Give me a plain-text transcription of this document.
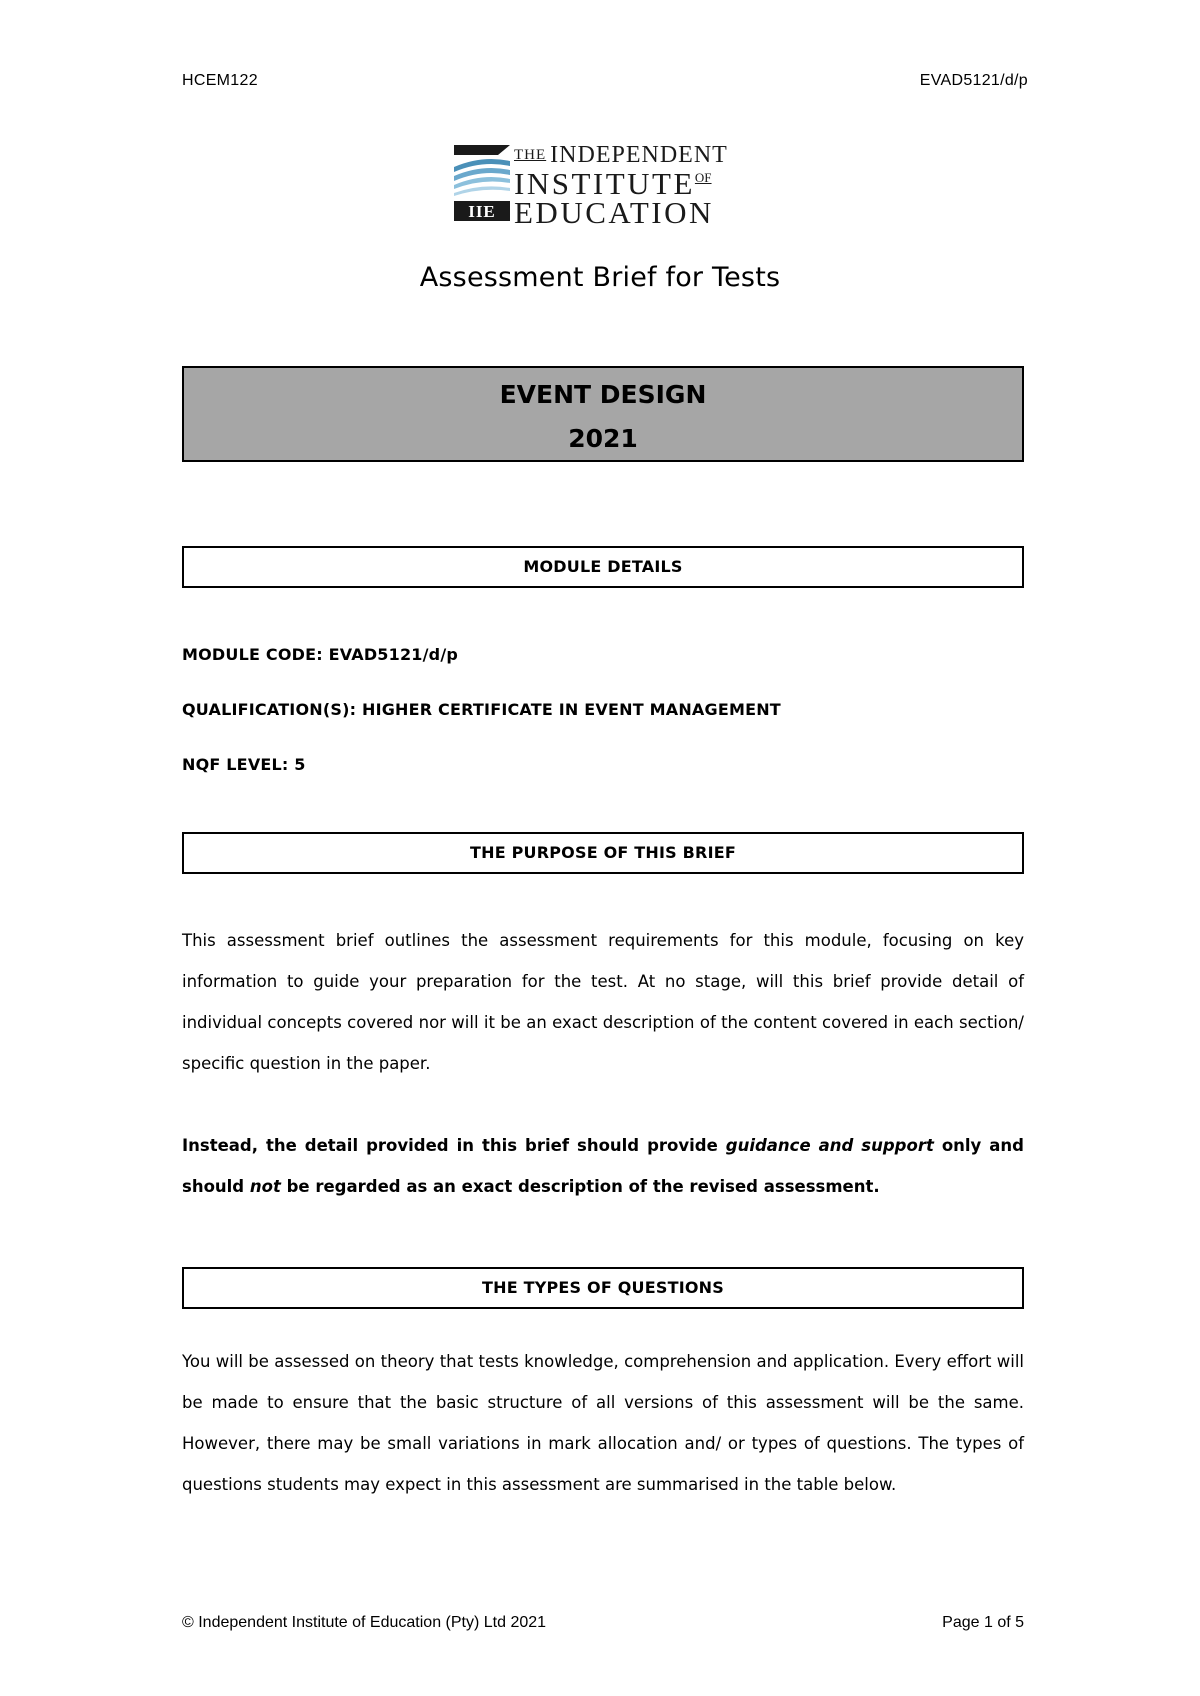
HCEM122	EVAD5121/d/p
IIE
THE INDEPENDENT
$INSTITUTE^{OF}$
EDUCATION
Assessment Brief for Tests
EVENT DESIGN
2021
MODULE DETAILS
MODULE CODE: EVAD5121/d/p
QUALIFICATION(S): HIGHER CERTIFICATE IN EVENT MANAGEMENT
NQF LEVEL: 5
THE PURPOSE OF THIS BRIEF
This assessment brief outlines the assessment requirements for this module, focusing on key information to guide your preparation for the test. At no stage, will this brief provide detail of individual concepts covered nor will it be an exact description of the content covered in each section/ specific question in the paper.
Instead, the detail provided in this brief should provide guidance and support only and should not be regarded as an exact description of the revised assessment.
THE TYPES OF QUESTIONS
You will be assessed on theory that tests knowledge, comprehension and application. Every effort will be made to ensure that the basic structure of all versions of this assessment will be the same. However, there may be small variations in mark allocation and/ or types of questions. The types of questions students may expect in this assessment are summarised in the table below.
© Independent Institute of Education (Pty) Ltd 2021	Page 1 of 5
